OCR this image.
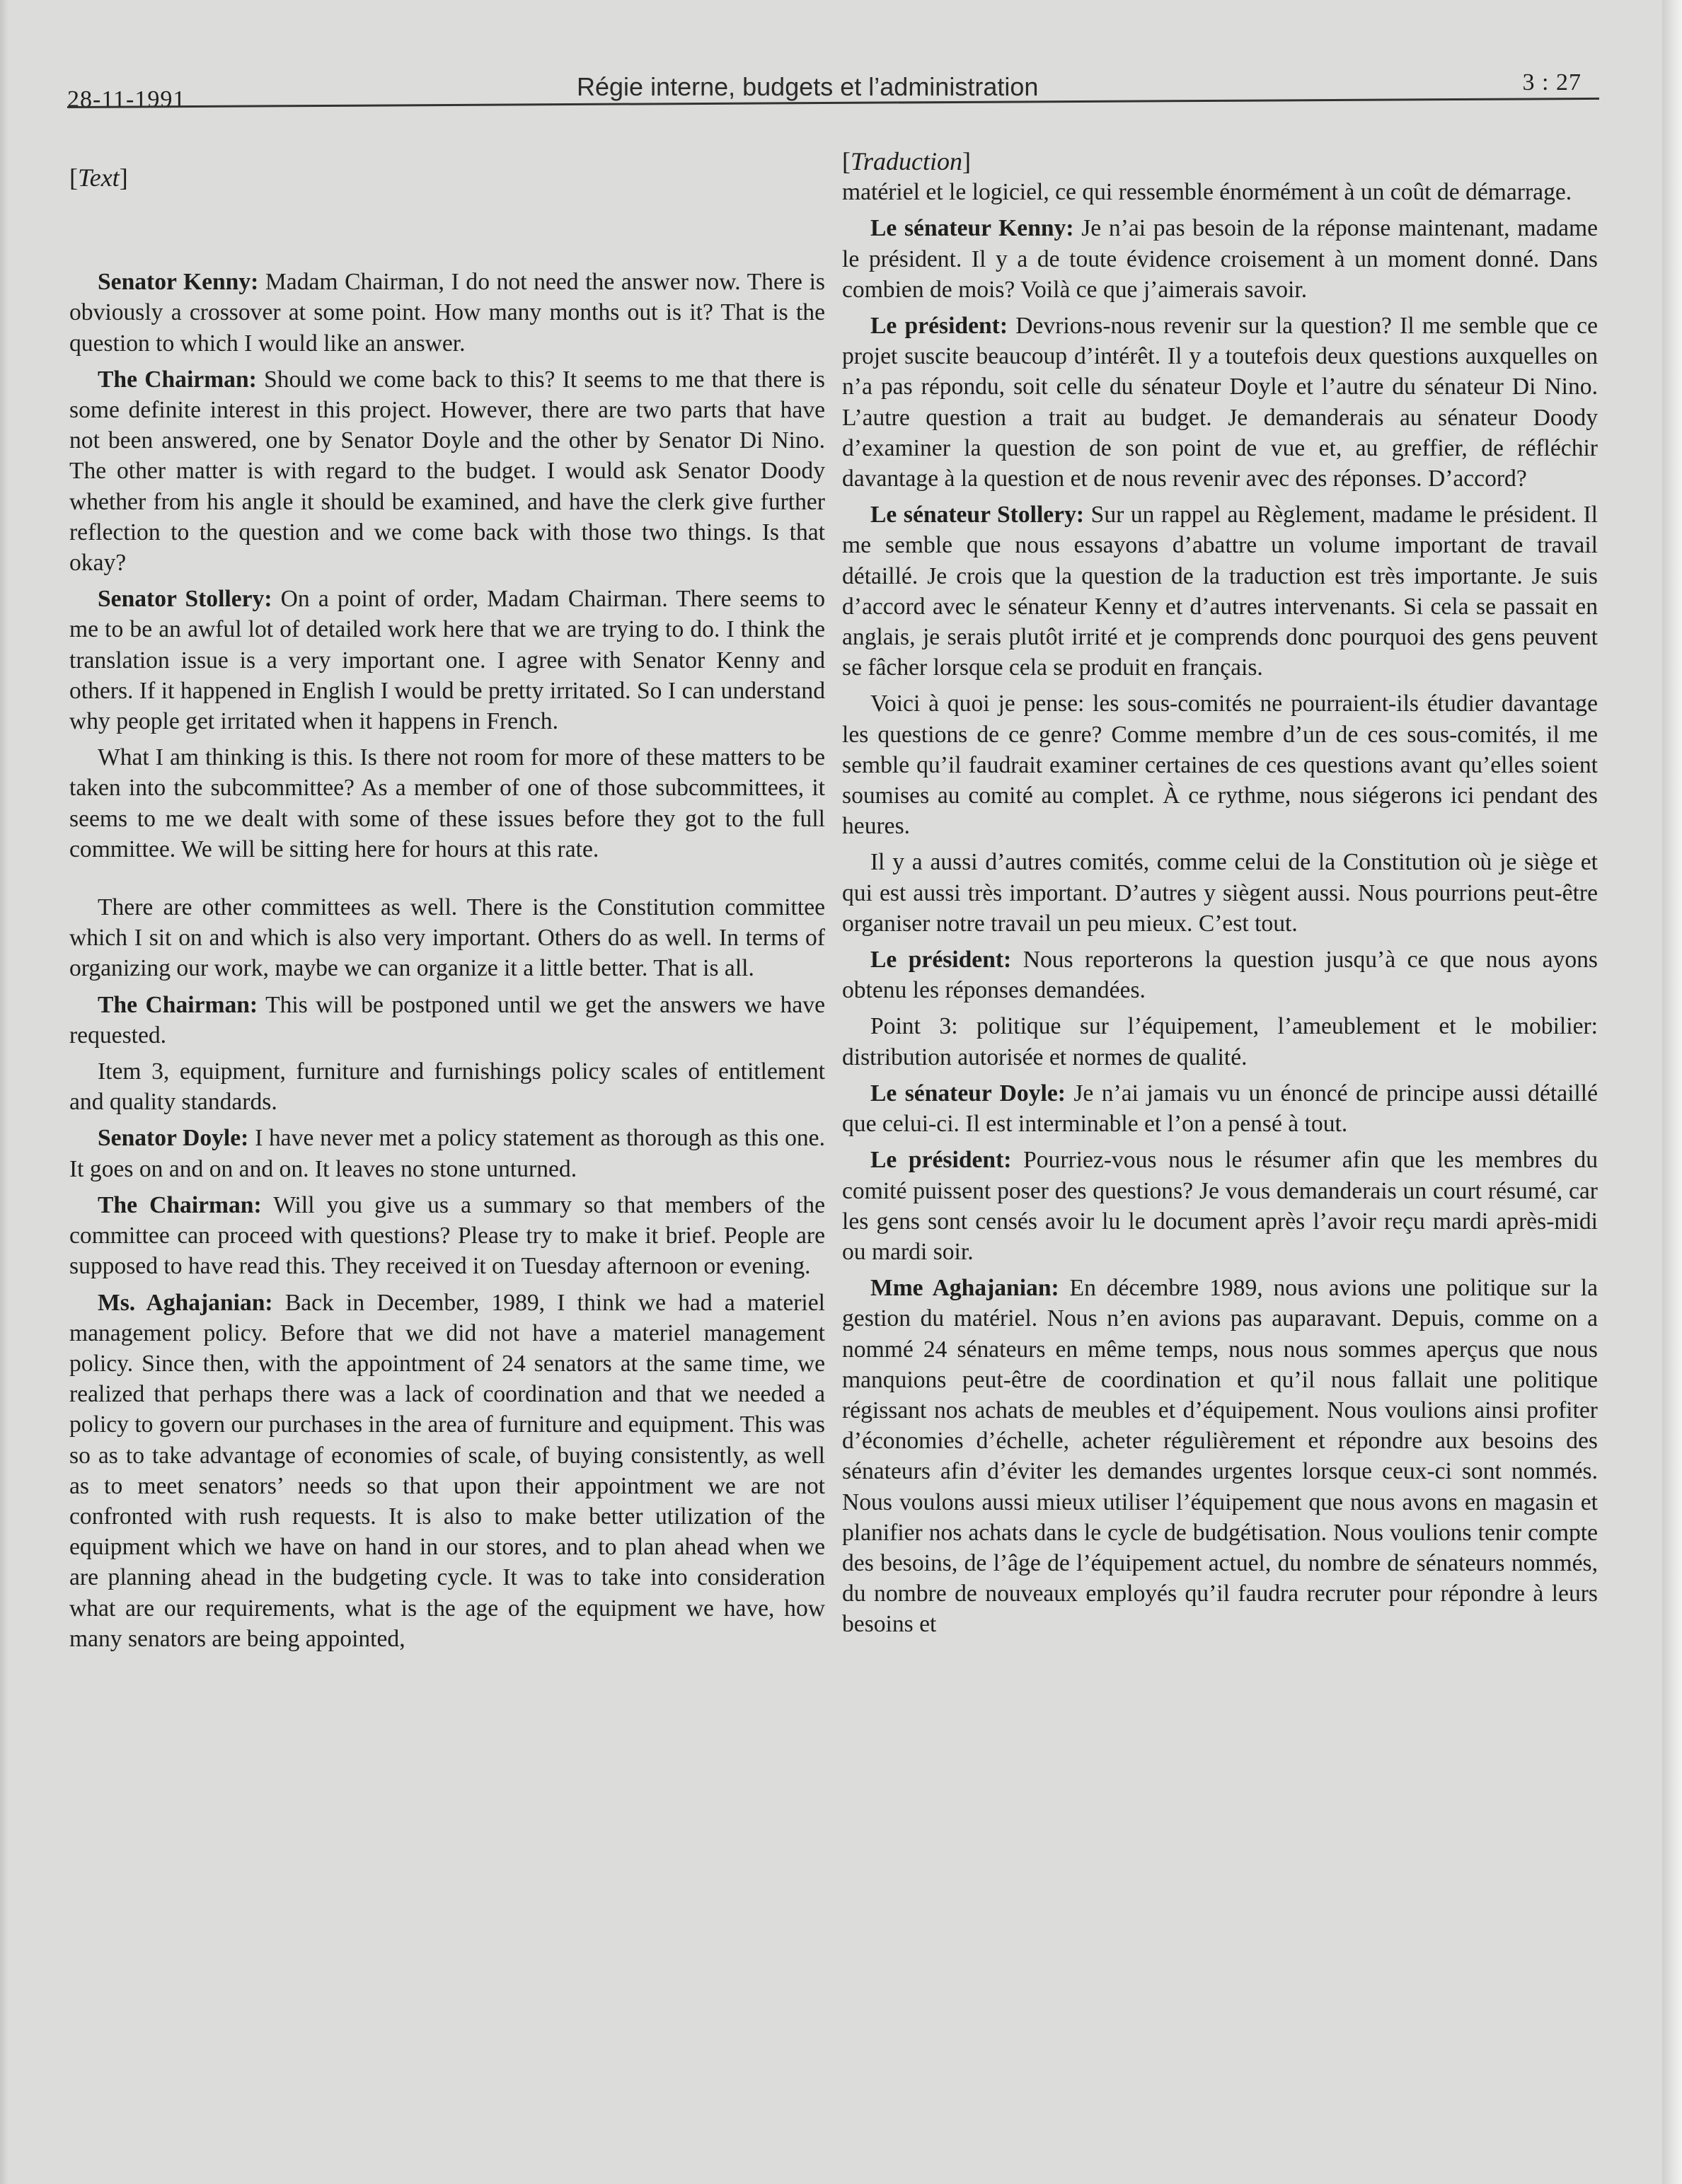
28-11-1991	Régie interne, budgets et l’administration	3 : 27
[Text]

Senator Kenny: Madam Chairman, I do not need the answer now. There is obviously a crossover at some point. How many months out is it? That is the question to which I would like an answer.

The Chairman: Should we come back to this? It seems to me that there is some definite interest in this project. However, there are two parts that have not been answered, one by Senator Doyle and the other by Senator Di Nino. The other matter is with regard to the budget. I would ask Senator Doody whether from his angle it should be examined, and have the clerk give further reflection to the question and we come back with those two things. Is that okay?

Senator Stollery: On a point of order, Madam Chairman. There seems to me to be an awful lot of detailed work here that we are trying to do. I think the translation issue is a very important one. I agree with Senator Kenny and others. If it happened in English I would be pretty irritated. So I can understand why people get irritated when it happens in French.

What I am thinking is this. Is there not room for more of these matters to be taken into the subcommittee? As a member of one of those subcommittees, it seems to me we dealt with some of these issues before they got to the full committee. We will be sitting here for hours at this rate.

There are other committees as well. There is the Constitution committee which I sit on and which is also very important. Others do as well. In terms of organizing our work, maybe we can organize it a little better. That is all.

The Chairman: This will be postponed until we get the answers we have requested.

Item 3, equipment, furniture and furnishings policy scales of entitlement and quality standards.

Senator Doyle: I have never met a policy statement as thorough as this one. It goes on and on and on. It leaves no stone unturned.

The Chairman: Will you give us a summary so that members of the committee can proceed with questions? Please try to make it brief. People are supposed to have read this. They received it on Tuesday afternoon or evening.

Ms. Aghajanian: Back in December, 1989, I think we had a materiel management policy. Before that we did not have a materiel management policy. Since then, with the appointment of 24 senators at the same time, we realized that perhaps there was a lack of coordination and that we needed a policy to govern our purchases in the area of furniture and equipment. This was so as to take advantage of economies of scale, of buying consistently, as well as to meet senators’ needs so that upon their appointment we are not confronted with rush requests. It is also to make better utilization of the equipment which we have on hand in our stores, and to plan ahead when we are planning ahead in the budgeting cycle. It was to take into consideration what are our requirements, what is the age of the equipment we have, how many senators are being appointed,

[Traduction]

matériel et le logiciel, ce qui ressemble énormément à un coût de démarrage.

Le sénateur Kenny: Je n’ai pas besoin de la réponse maintenant, madame le président. Il y a de toute évidence croisement à un moment donné. Dans combien de mois? Voilà ce que j’aimerais savoir.

Le président: Devrions-nous revenir sur la question? Il me semble que ce projet suscite beaucoup d’intérêt. Il y a toutefois deux questions auxquelles on n’a pas répondu, soit celle du sénateur Doyle et l’autre du sénateur Di Nino. L’autre question a trait au budget. Je demanderais au sénateur Doody d’examiner la question de son point de vue et, au greffier, de réfléchir davantage à la question et de nous revenir avec des réponses. D’accord?

Le sénateur Stollery: Sur un rappel au Règlement, madame le président. Il me semble que nous essayons d’abattre un volume important de travail détaillé. Je crois que la question de la traduction est très importante. Je suis d’accord avec le sénateur Kenny et d’autres intervenants. Si cela se passait en anglais, je serais plutôt irrité et je comprends donc pourquoi des gens peuvent se fâcher lorsque cela se produit en français.

Voici à quoi je pense: les sous-comités ne pourraient-ils étudier davantage les questions de ce genre? Comme membre d’un de ces sous-comités, il me semble qu’il faudrait examiner certaines de ces questions avant qu’elles soient soumises au comité au complet. À ce rythme, nous siégerons ici pendant des heures.

Il y a aussi d’autres comités, comme celui de la Constitution où je siège et qui est aussi très important. D’autres y siègent aussi. Nous pourrions peut-être organiser notre travail un peu mieux. C’est tout.

Le président: Nous reporterons la question jusqu’à ce que nous ayons obtenu les réponses demandées.

Point 3: politique sur l’équipement, l’ameublement et le mobilier: distribution autorisée et normes de qualité.

Le sénateur Doyle: Je n’ai jamais vu un énoncé de principe aussi détaillé que celui-ci. Il est interminable et l’on a pensé à tout.

Le président: Pourriez-vous nous le résumer afin que les membres du comité puissent poser des questions? Je vous demanderais un court résumé, car les gens sont censés avoir lu le document après l’avoir reçu mardi après-midi ou mardi soir.

Mme Aghajanian: En décembre 1989, nous avions une politique sur la gestion du matériel. Nous n’en avions pas auparavant. Depuis, comme on a nommé 24 sénateurs en même temps, nous nous sommes aperçus que nous manquions peut-être de coordination et qu’il nous fallait une politique régissant nos achats de meubles et d’équipement. Nous voulions ainsi profiter d’économies d’échelle, acheter régulièrement et répondre aux besoins des sénateurs afin d’éviter les demandes urgentes lorsque ceux-ci sont nommés. Nous voulons aussi mieux utiliser l’équipement que nous avons en magasin et planifier nos achats dans le cycle de budgétisation. Nous voulions tenir compte des besoins, de l’âge de l’équipement actuel, du nombre de sénateurs nommés, du nombre de nouveaux employés qu’il faudra recruter pour répondre à leurs besoins et
